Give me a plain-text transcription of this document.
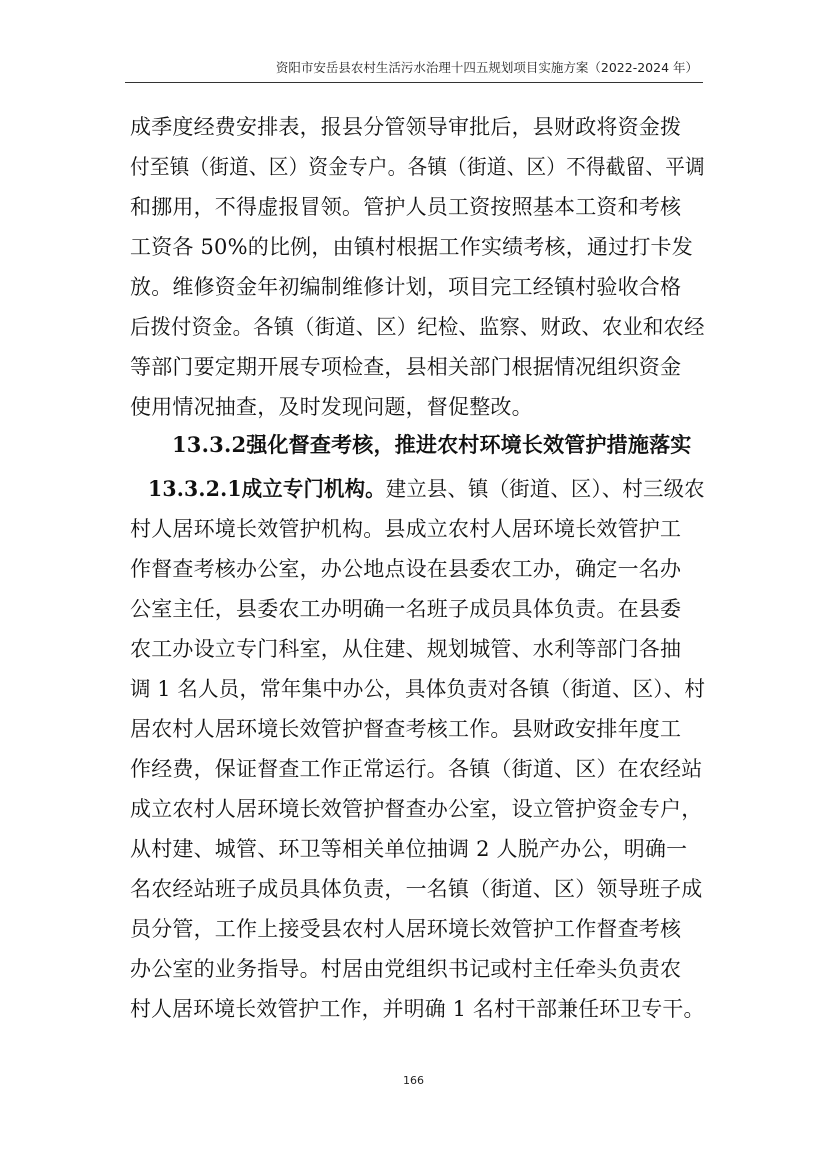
资阳市安岳县农村生活污水治理十四五规划项目实施方案（2022-2024 年）
成季度经费安排表，报县分管领导审批后，县财政将资金拨
付至镇（街道、区）资金专户。各镇（街道、区）不得截留、平调
和挪用，不得虚报冒领。管护人员工资按照基本工资和考核
工资各 50%的比例，由镇村根据工作实绩考核，通过打卡发
放。维修资金年初编制维修计划，项目完工经镇村验收合格
后拨付资金。各镇（街道、区）纪检、监察、财政、农业和农经
等部门要定期开展专项检查，县相关部门根据情况组织资金
使用情况抽查，及时发现问题，督促整改。
13.3.2强化督查考核，推进农村环境长效管护措施落实
13.3.2.1成立专门机构。建立县、镇（街道、区）、村三级农
村人居环境长效管护机构。县成立农村人居环境长效管护工
作督查考核办公室，办公地点设在县委农工办，确定一名办
公室主任，县委农工办明确一名班子成员具体负责。在县委
农工办设立专门科室，从住建、规划城管、水利等部门各抽
调 1 名人员，常年集中办公，具体负责对各镇（街道、区）、村
居农村人居环境长效管护督查考核工作。县财政安排年度工
作经费，保证督查工作正常运行。各镇（街道、区）在农经站
成立农村人居环境长效管护督查办公室，设立管护资金专户，
从村建、城管、环卫等相关单位抽调 2 人脱产办公，明确一
名农经站班子成员具体负责，一名镇（街道、区）领导班子成
员分管，工作上接受县农村人居环境长效管护工作督查考核
办公室的业务指导。村居由党组织书记或村主任牵头负责农
村人居环境长效管护工作，并明确 1 名村干部兼任环卫专干。
166
